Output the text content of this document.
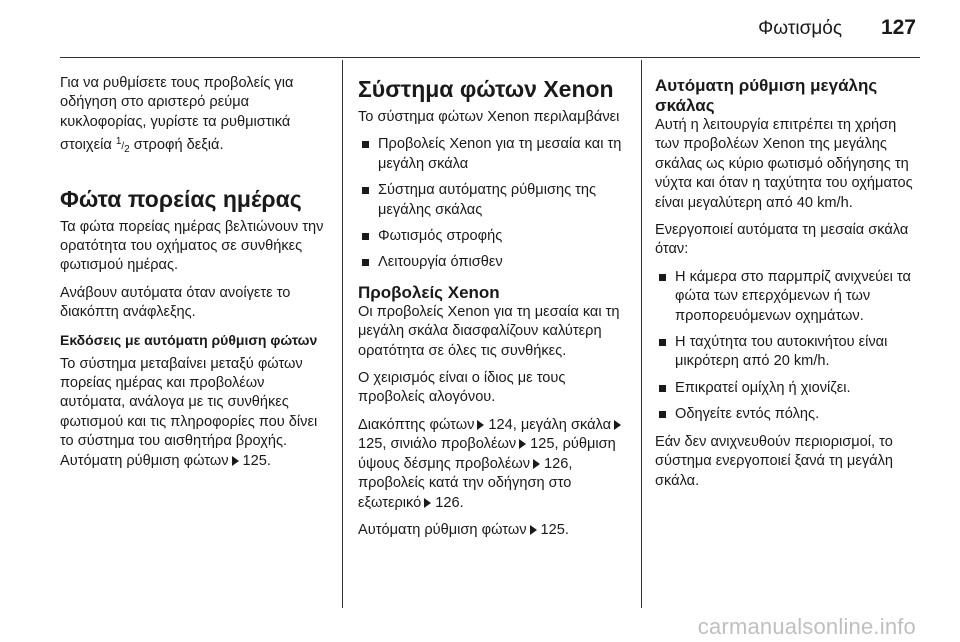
Φωτισμός 127

Για να ρυθμίσετε τους προβολείς για οδήγηση στο αριστερό ρεύμα κυκλοφορίας, γυρίστε τα ρυθμιστικά στοιχεία $^1/_2$ στροφή δεξιά.

Φώτα πορείας ημέρας

Τα φώτα πορείας ημέρας βελτιώνουν την ορατότητα του οχήματος σε συνθήκες φωτισμού ημέρας.

Ανάβουν αυτόματα όταν ανοίγετε το διακόπτη ανάφλεξης.

Εκδόσεις με αυτόματη ρύθμιση φώτων

Το σύστημα μεταβαίνει μεταξύ φώτων πορείας ημέρας και προβολέων αυτόματα, ανάλογα με τις συνθήκες φωτισμού και τις πληροφορίες που δίνει το σύστημα του αισθητήρα βροχής. Αυτόματη ρύθμιση φώτων 125.

Σύστημα φώτων Xenon

Το σύστημα φώτων Xenon περιλαμβάνει

Προβολείς Xenon για τη μεσαία και τη μεγάλη σκάλα
Σύστημα αυτόματης ρύθμισης της μεγάλης σκάλας
Φωτισμός στροφής
Λειτουργία όπισθεν
Προβολείς Xenon

Οι προβολείς Xenon για τη μεσαία και τη μεγάλη σκάλα διασφαλίζουν καλύτερη ορατότητα σε όλες τις συνθήκες.

Ο χειρισμός είναι ο ίδιος με τους προβολείς αλογόνου.

Διακόπτης φώτων 124, μεγάλη σκάλα125, σινιάλο προβολέων 125, ρύθμιση ύψους δέσμης προβολέων 126, προβολείς κατά την οδήγηση στο εξωτερικό 126.

Αυτόματη ρύθμιση φώτων 125.

Αυτόματη ρύθμιση μεγάλης σκάλας

Αυτή η λειτουργία επιτρέπει τη χρήση των προβολέων Xenon της μεγάλης σκάλας ως κύριο φωτισμό οδήγησης τη νύχτα και όταν η ταχύτητα του οχήματος είναι μεγαλύτερη από 40 km/h.

Ενεργοποιεί αυτόματα τη μεσαία σκάλα όταν:

Η κάμερα στο παρμπρίζ ανιχνεύει τα φώτα των επερχόμενων ή των προπορευόμενων οχημάτων.
Η ταχύτητα του αυτοκινήτου είναι μικρότερη από 20 km/h.
Επικρατεί ομίχλη ή χιονίζει.
Οδηγείτε εντός πόλης.

Εάν δεν ανιχνευθούν περιορισμοί, το σύστημα ενεργοποιεί ξανά τη μεγάλη σκάλα.

carmanualsonline.info
